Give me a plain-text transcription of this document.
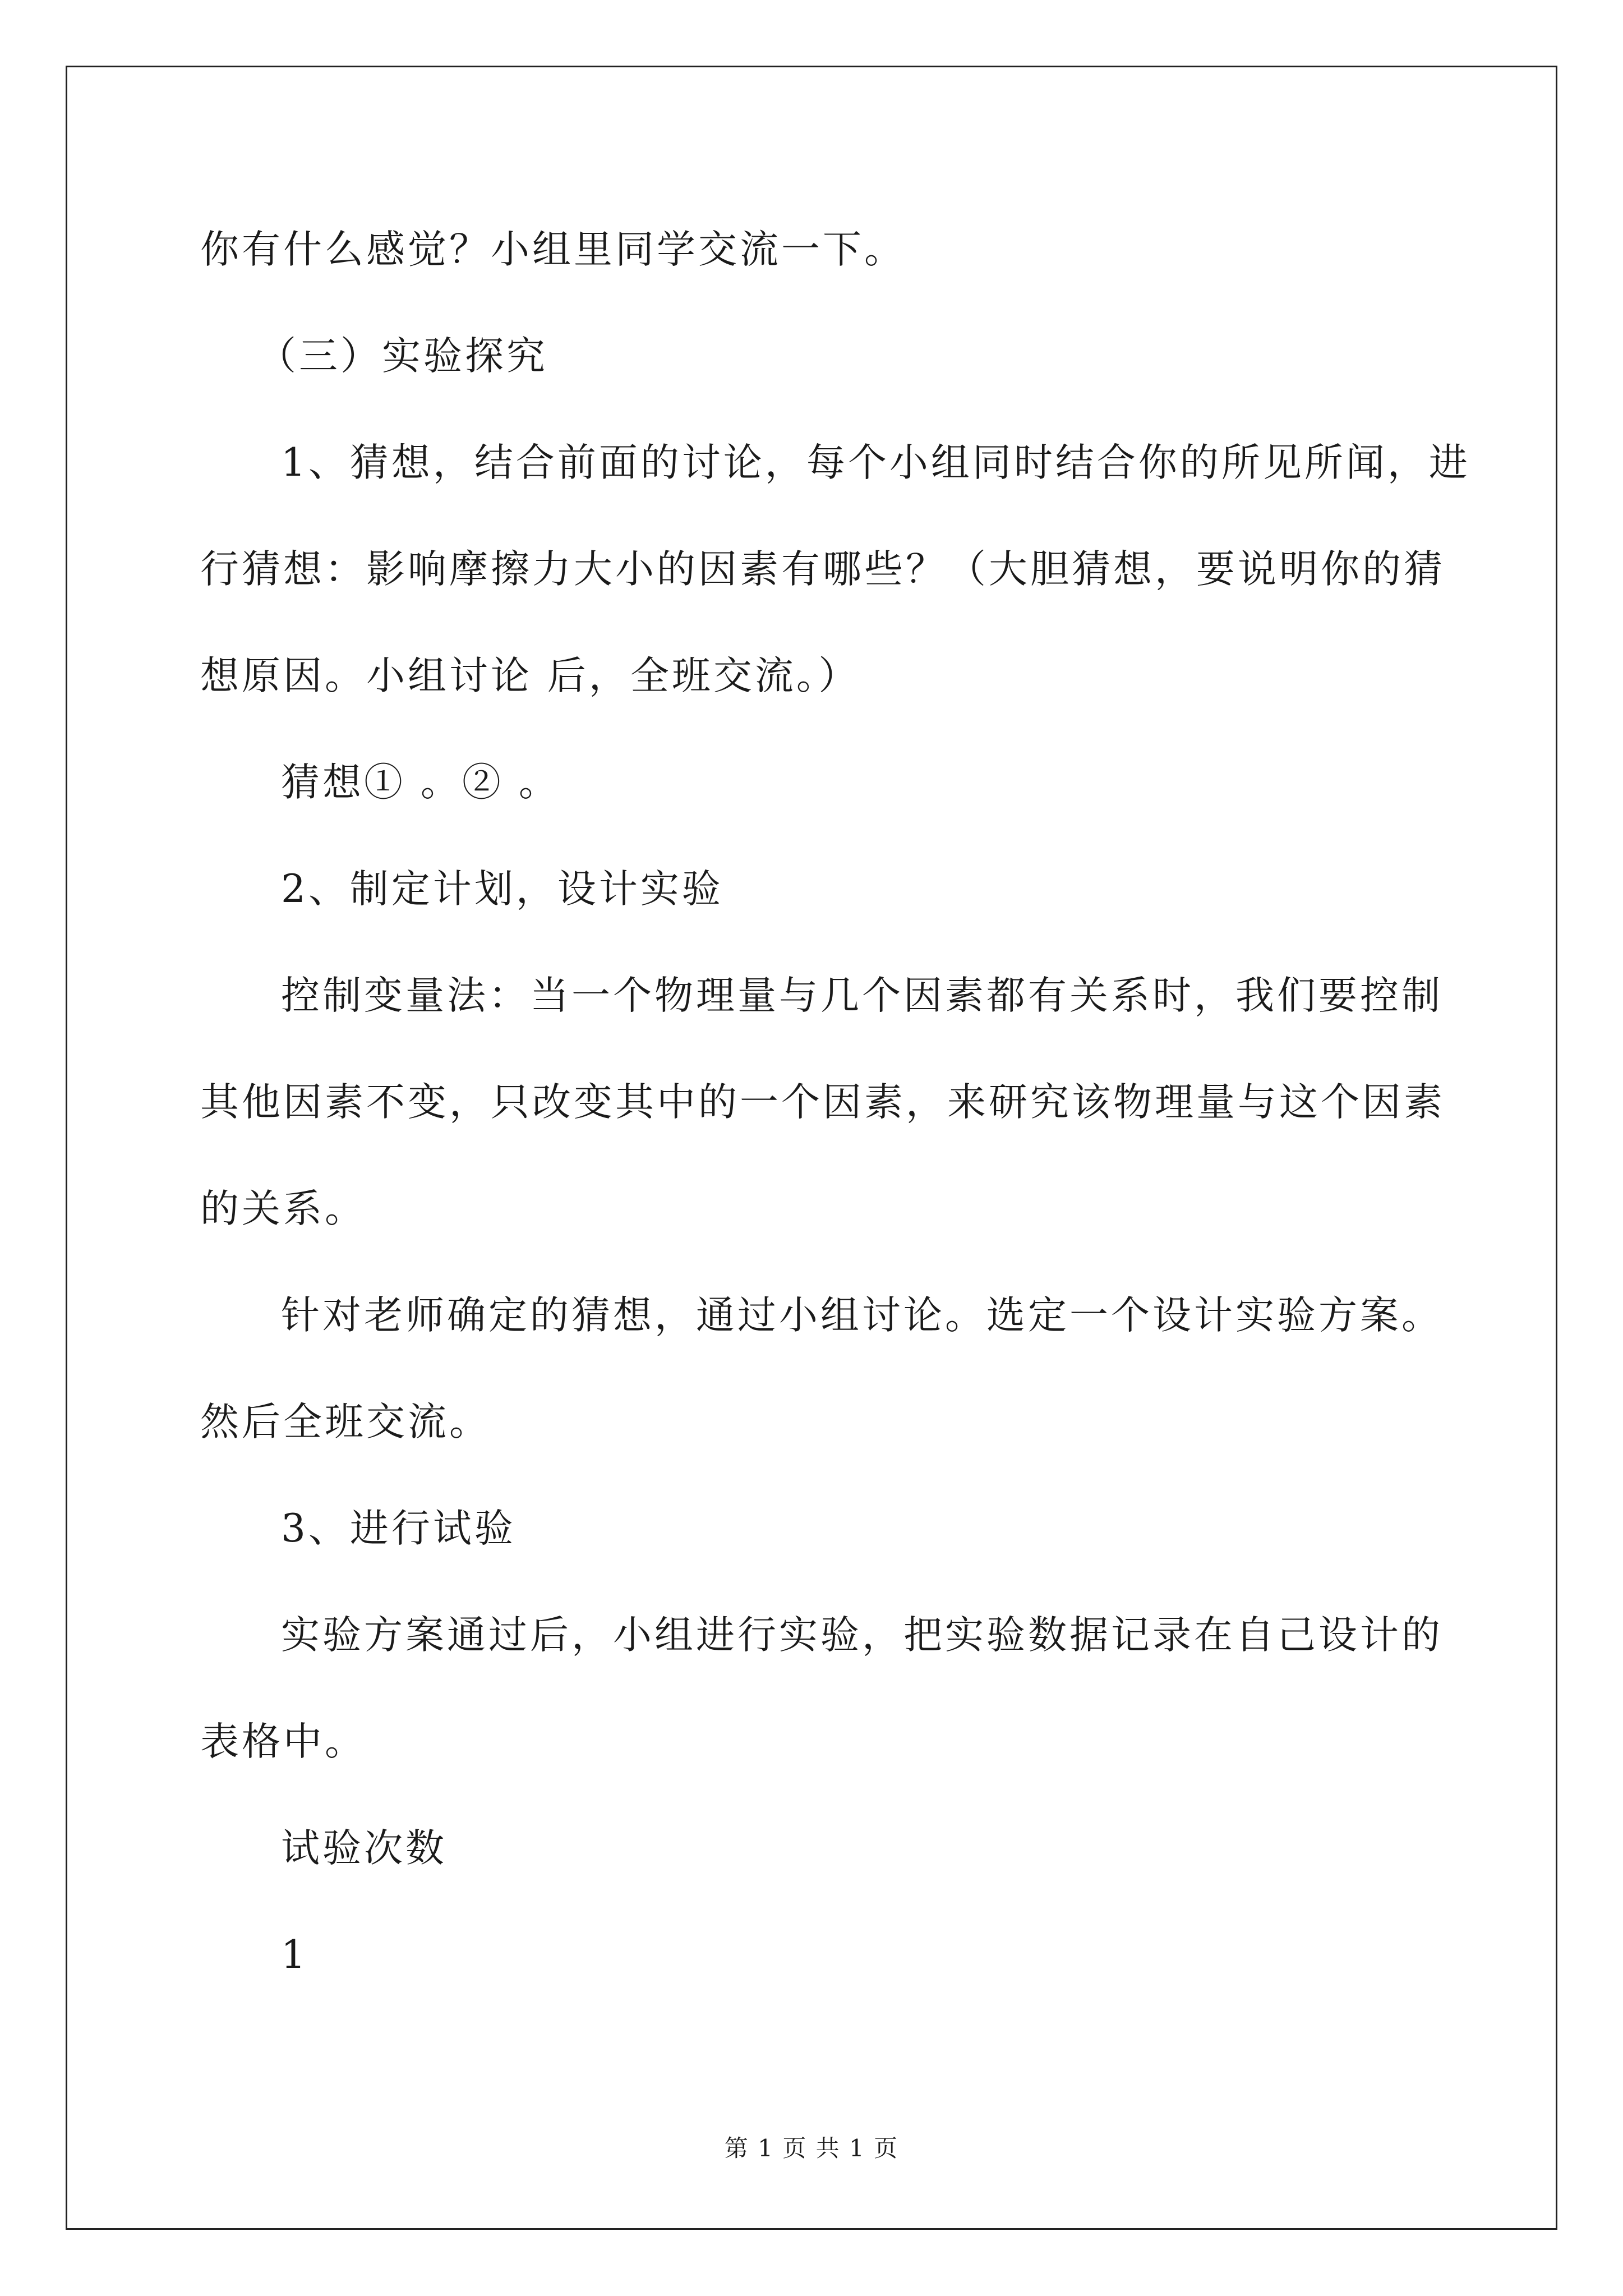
你有什么感觉？小组里同学交流一下。
（三）实验探究
1、猜想，结合前面的讨论，每个小组同时结合你的所见所闻，进
行猜想：影响摩擦力大小的因素有哪些？（大胆猜想，要说明你的猜
想原因。小组讨论 后，全班交流。）
猜想① 。② 。
2、制定计划，设计实验
控制变量法：当一个物理量与几个因素都有关系时，我们要控制
其他因素不变，只改变其中的一个因素，来研究该物理量与这个因素
的关系。
针对老师确定的猜想，通过小组讨论。选定一个设计实验方案。
然后全班交流。
3、进行试验
实验方案通过后，小组进行实验，把实验数据记录在自己设计的
表格中。
试验次数
1
第 1 页 共 1 页
